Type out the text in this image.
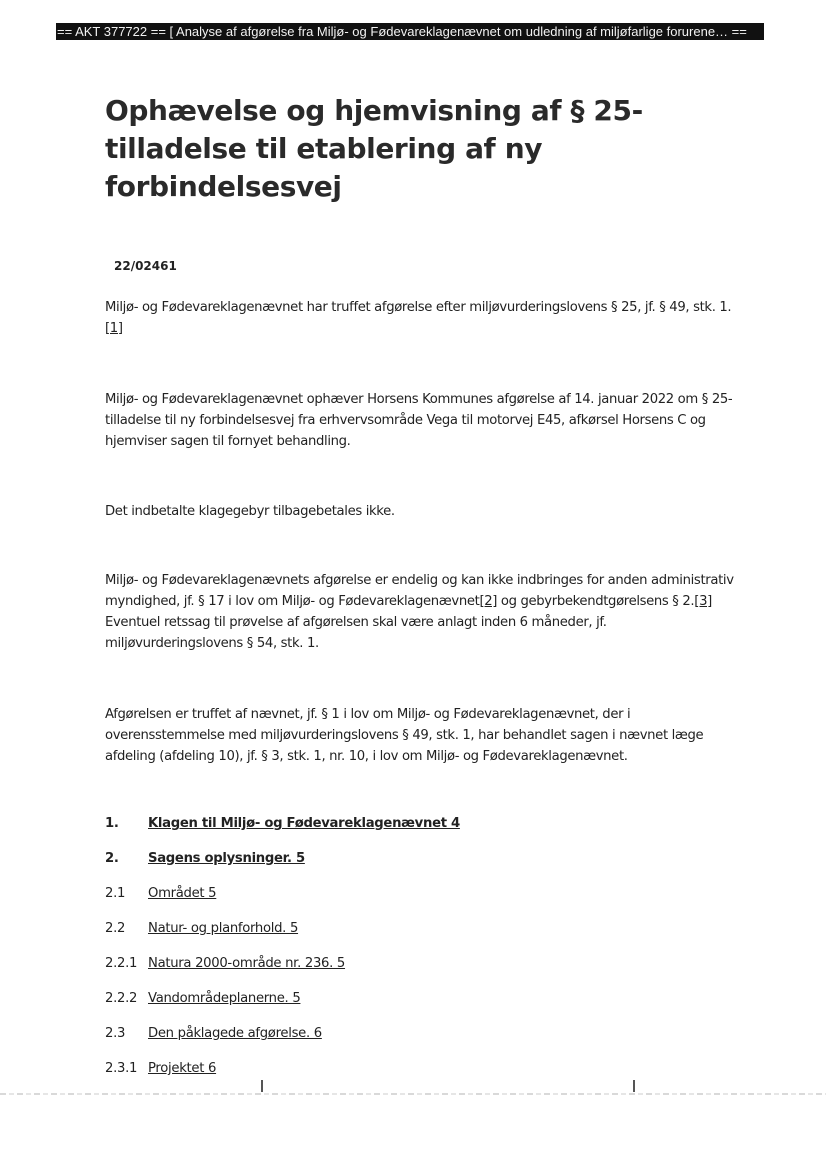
== AKT 377722 == [ Analyse af afgørelse fra Miljø- og Fødevareklagenævnet om udledning af miljøfarlige forurene… ==
Ophævelse og hjemvisning af § 25-tilladelse til etablering af ny forbindelsesvej
22/02461

Miljø- og Fødevareklagenævnet har truffet afgørelse efter miljøvurderingslovens § 25, jf. § 49, stk. 1.[1]

Miljø- og Fødevareklagenævnet ophæver Horsens Kommunes afgørelse af 14. januar 2022 om § 25-tilladelse til ny forbindelsesvej fra erhvervsområde Vega til motorvej E45, afkørsel Horsens C og hjemviser sagen til fornyet behandling.

Det indbetalte klagegebyr tilbagebetales ikke.

Miljø- og Fødevareklagenævnets afgørelse er endelig og kan ikke indbringes for anden administrativ myndighed, jf. § 17 i lov om Miljø- og Fødevareklagenævnet[2] og gebyrbekendtgørelsens § 2.[3] Eventuel retssag til prøvelse af afgørelsen skal være anlagt inden 6 måneder, jf. miljøvurderingslovens § 54, stk. 1.

Afgørelsen er truffet af nævnet, jf. § 1 i lov om Miljø- og Fødevareklagenævnet, der i overensstemmelse med miljøvurderingslovens § 49, stk. 1, har behandlet sagen i nævnet læge afdeling (afdeling 10), jf. § 3, stk. 1, nr. 10, i lov om Miljø- og Fødevareklagenævnet.

1. Klagen til Miljø- og Fødevareklagenævnet 4
2. Sagens oplysninger. 5
2.1 Området 5
2.2 Natur- og planforhold. 5
2.2.1 Natura 2000-område nr. 236. 5
2.2.2 Vandområdeplanerne. 5
2.3 Den påklagede afgørelse. 6
2.3.1 Projektet 6
